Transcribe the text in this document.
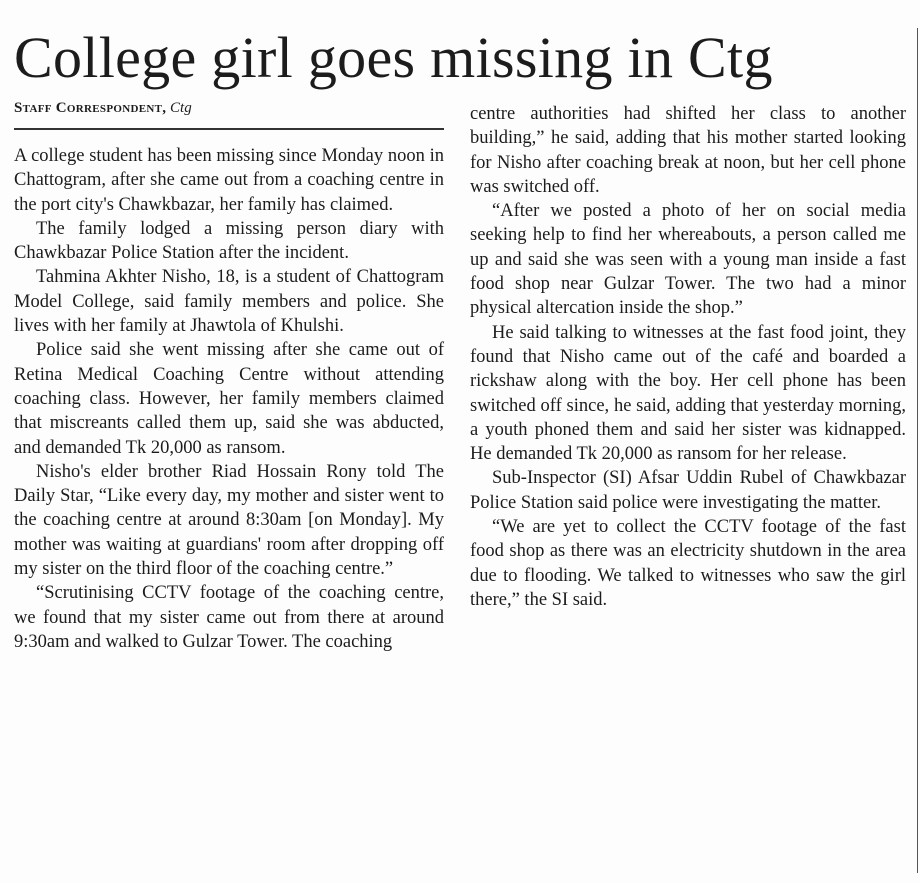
College girl goes missing in Ctg
Staff Correspondent, Ctg

A college student has been missing since Monday noon in Chattogram, after she came out from a coaching centre in the port city's Chawkbazar, her family has claimed.

The family lodged a missing person diary with Chawkbazar Police Station after the incident.

Tahmina Akhter Nisho, 18, is a student of Chattogram Model College, said family members and police. She lives with her family at Jhawtola of Khulshi.

Police said she went missing after she came out of Retina Medical Coaching Centre without attending coaching class. However, her family members claimed that miscreants called them up, said she was abducted, and demanded Tk 20,000 as ransom.

Nisho's elder brother Riad Hossain Rony told The Daily Star, “Like every day, my mother and sister went to the coaching centre at around 8:30am [on Monday]. My mother was waiting at guardians' room after dropping off my sister on the third floor of the coaching centre.”

“Scrutinising CCTV footage of the coaching centre, we found that my sister came out from there at around 9:30am and walked to Gulzar Tower. The coaching

centre authorities had shifted her class to another building,” he said, adding that his mother started looking for Nisho after coaching break at noon, but her cell phone was switched off.

“After we posted a photo of her on social media seeking help to find her whereabouts, a person called me up and said she was seen with a young man inside a fast food shop near Gulzar Tower. The two had a minor physical altercation inside the shop.”

He said talking to witnesses at the fast food joint, they found that Nisho came out of the café and boarded a rickshaw along with the boy. Her cell phone has been switched off since, he said, adding that yesterday morning, a youth phoned them and said her sister was kidnapped. He demanded Tk 20,000 as ransom for her release.

Sub-Inspector (SI) Afsar Uddin Rubel of Chawkbazar Police Station said police were investigating the matter.

“We are yet to collect the CCTV footage of the fast food shop as there was an electricity shutdown in the area due to flooding. We talked to witnesses who saw the girl there,” the SI said.
